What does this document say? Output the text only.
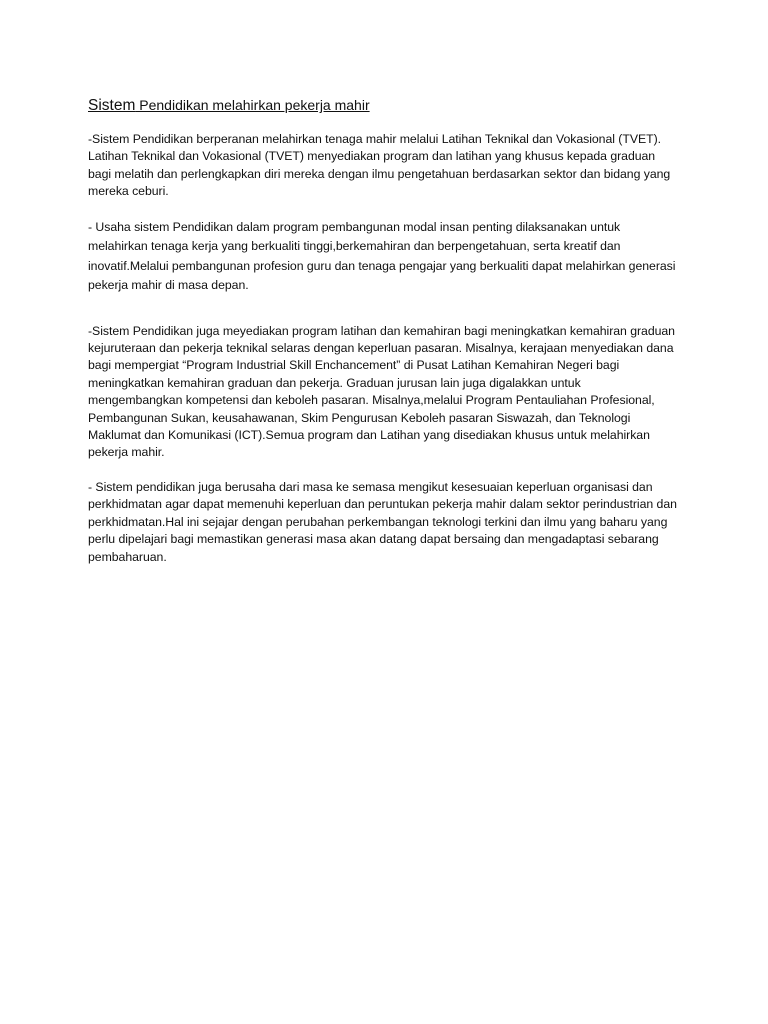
Sistem Pendidikan melahirkan pekerja mahir

-Sistem Pendidikan berperanan melahirkan tenaga mahir melalui Latihan Teknikal dan Vokasional (TVET). Latihan Teknikal dan Vokasional (TVET) menyediakan program dan latihan yang khusus kepada graduan bagi melatih dan perlengkapkan diri mereka dengan ilmu pengetahuan berdasarkan sektor dan bidang yang mereka ceburi.

- Usaha sistem Pendidikan dalam program pembangunan modal insan penting dilaksanakan untuk melahirkan tenaga kerja yang berkualiti tinggi,berkemahiran dan berpengetahuan, serta kreatif dan inovatif.Melalui pembangunan profesion guru dan tenaga pengajar yang berkualiti dapat melahirkan generasi pekerja mahir di masa depan.

-Sistem Pendidikan juga meyediakan program latihan dan kemahiran bagi meningkatkan kemahiran graduan kejuruteraan dan pekerja teknikal selaras dengan keperluan pasaran. Misalnya, kerajaan menyediakan dana bagi mempergiat “Program Industrial Skill Enchancement” di Pusat Latihan Kemahiran Negeri bagi meningkatkan kemahiran graduan dan pekerja. Graduan jurusan lain juga digalakkan untuk mengembangkan kompetensi dan keboleh pasaran. Misalnya,melalui Program Pentauliahan Profesional, Pembangunan Sukan, keusahawanan, Skim Pengurusan Keboleh pasaran Siswazah, dan Teknologi Maklumat dan Komunikasi (ICT).Semua program dan Latihan yang disediakan khusus untuk melahirkan pekerja mahir.

- Sistem pendidikan juga berusaha dari masa ke semasa mengikut kesesuaian keperluan organisasi dan perkhidmatan agar dapat memenuhi keperluan dan peruntukan pekerja mahir dalam sektor perindustrian dan perkhidmatan.Hal ini sejajar dengan perubahan perkembangan teknologi terkini dan ilmu yang baharu yang perlu dipelajari bagi memastikan generasi masa akan datang dapat bersaing dan mengadaptasi sebarang pembaharuan.
